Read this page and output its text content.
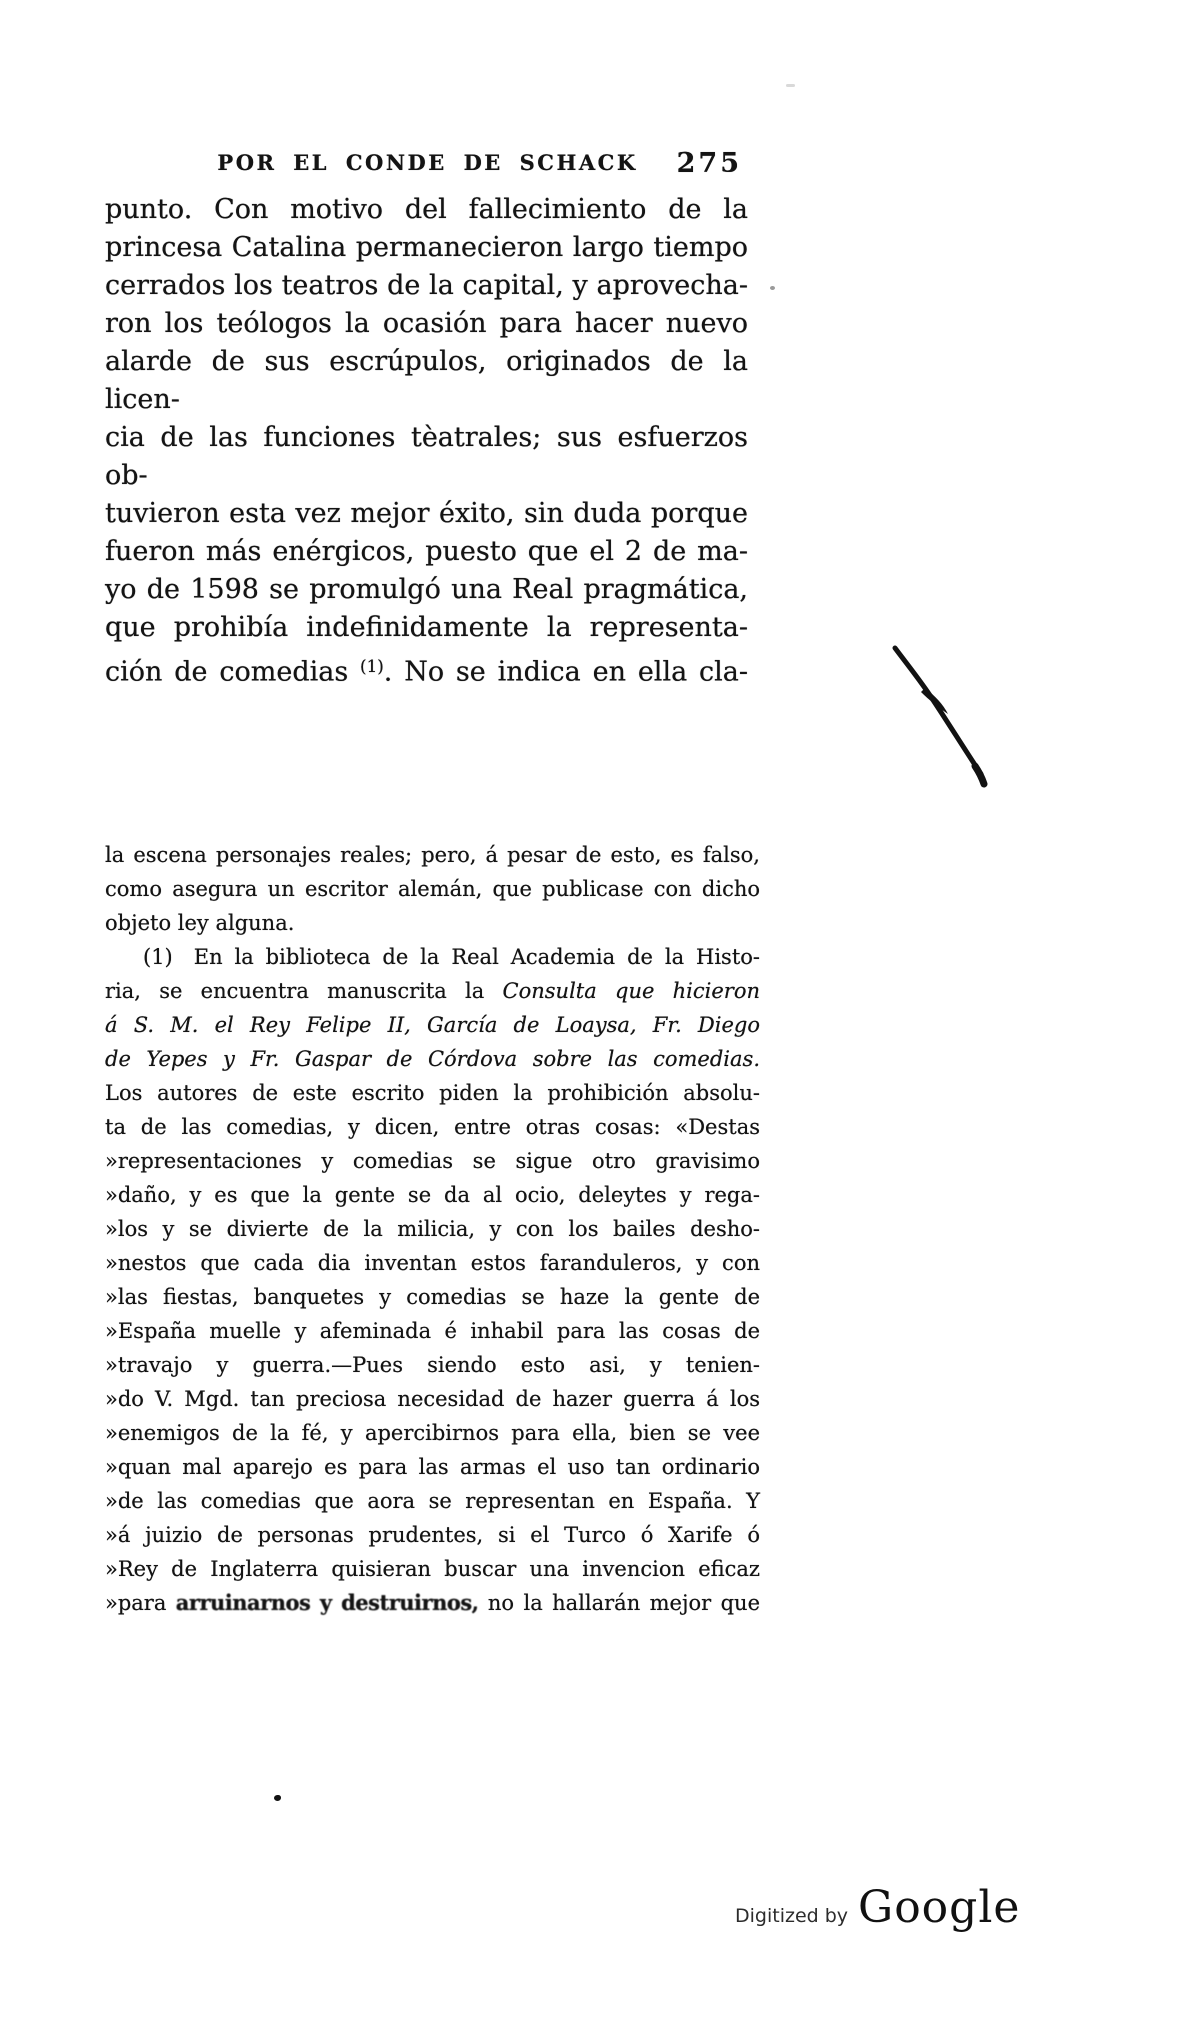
POR EL CONDE DE SCHACK 275
punto. Con motivo del fallecimiento de la
princesa Catalina permanecieron largo tiempo
cerrados los teatros de la capital, y aprovecha-
ron los teólogos la ocasión para hacer nuevo
alarde de sus escrúpulos, originados de la licen-
cia de las funciones tèatrales; sus esfuerzos ob-
tuvieron esta vez mejor éxito, sin duda porque
fueron más enérgicos, puesto que el 2 de ma-
yo de 1598 se promulgó una Real pragmática,
que prohibía indefinidamente la representa-
ción de comedias $^{(1)}$. No se indica en ella cla-
la escena personajes reales; pero, á pesar de esto, es falso,
como asegura un escritor alemán, que publicase con dicho
objeto ley alguna.
(1)  En la biblioteca de la Real Academia de la Histo-
ria, se encuentra manuscrita la Consulta que hicieron
á S. M. el Rey Felipe II, García de Loaysa, Fr. Diego
de Yepes y Fr. Gaspar de Córdova sobre las comedias.
Los autores de este escrito piden la prohibición absolu-
ta de las comedias, y dicen, entre otras cosas: «Destas
»representaciones y comedias se sigue otro gravisimo
»daño, y es que la gente se da al ocio, deleytes y rega-
»los y se divierte de la milicia, y con los bailes desho-
»nestos que cada dia inventan estos faranduleros, y con
»las fiestas, banquetes y comedias se haze la gente de
»España muelle y afeminada é inhabil para las cosas de
»travajo y guerra.—Pues siendo esto asi, y tenien-
»do V. Mgd. tan preciosa necesidad de hazer guerra á los
»enemigos de la fé, y apercibirnos para ella, bien se vee
»quan mal aparejo es para las armas el uso tan ordinario
»de las comedias que aora se representan en España. Y
»á juizio de personas prudentes, si el Turco ó Xarife ó
»Rey de Inglaterra quisieran buscar una invencion eficaz
»para arruinarnos y destruirnos, no la hallarán mejor que
Digitized by Google
